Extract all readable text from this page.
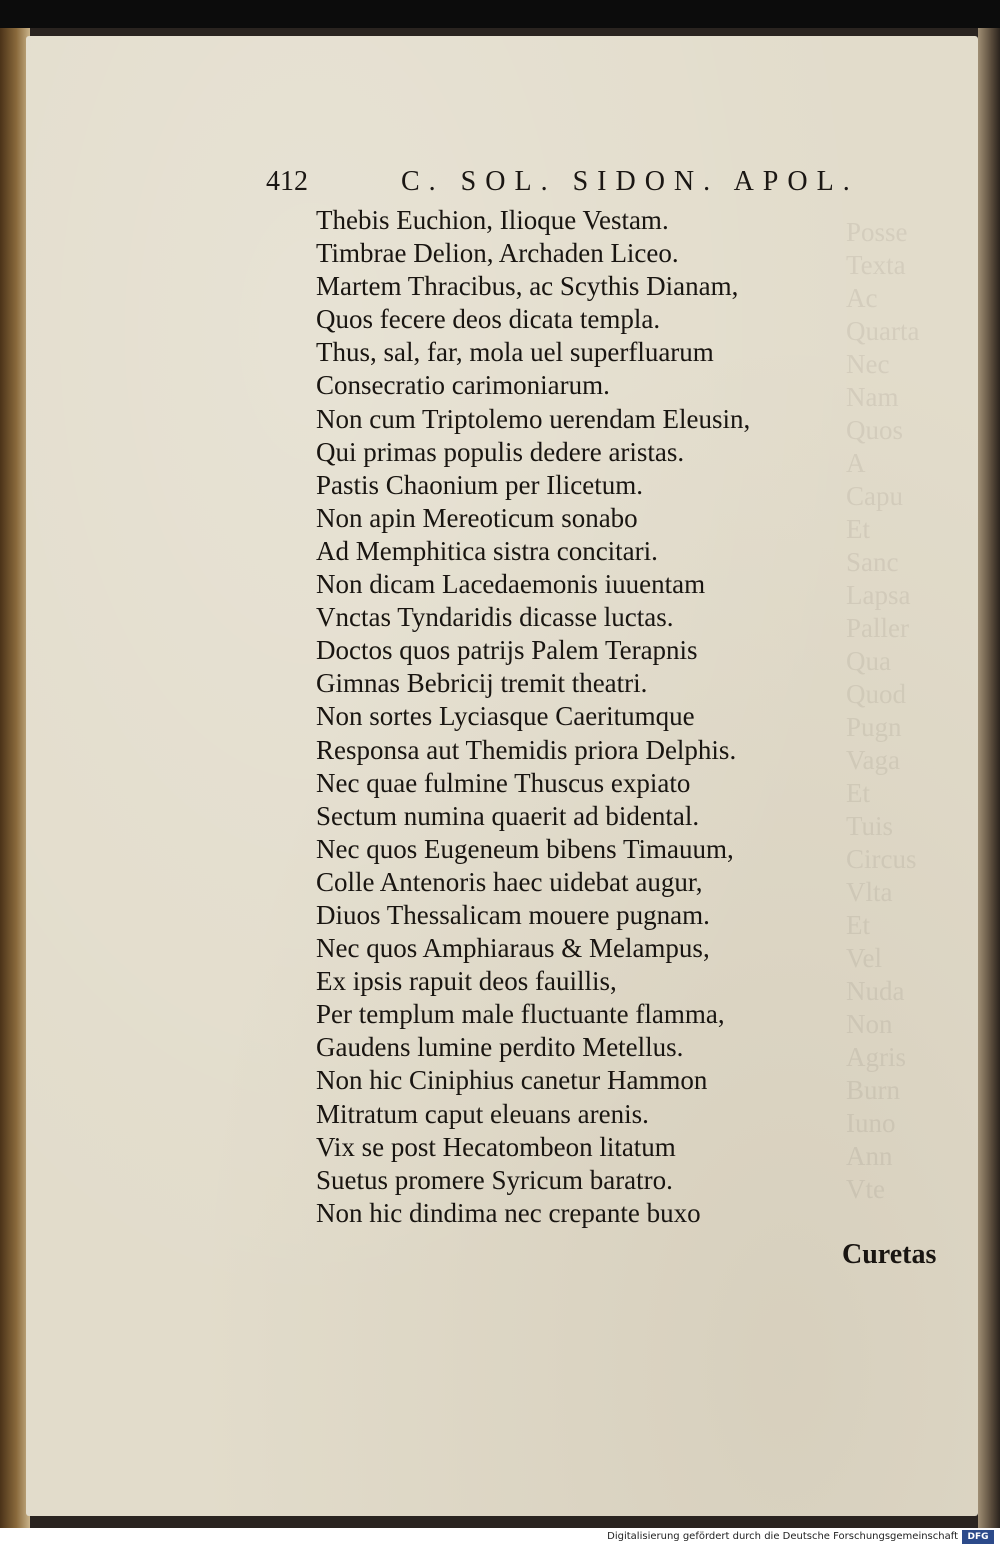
Posse
Texta
Ac
Quarta
Nec
Nam
Quos
A
Capu
Et
Sanc
Lapsa
Paller
Qua
Quod
Pugn
Vaga
Et
Tuis
Circus
Vlta
Et
Vel
Nuda
Non
Agris
Burn
Iuno
Ann
Vte
412	C. SOL. SIDON. APOL.
Thebis Euchion, Ilioque Vestam.
Timbrae Delion, Archaden Liceo.
Martem Thracibus, ac Scythis Dianam,
Quos fecere deos dicata templa.
Thus, sal, far, mola uel superfluarum
Consecratio carimoniarum.
Non cum Triptolemo uerendam Eleusin,
Qui primas populis dedere aristas.
Pastis Chaonium per Ilicetum.
Non apin Mereoticum sonabo
Ad Memphitica sistra concitari.
Non dicam Lacedaemonis iuuentam
Vnctas Tyndaridis dicasse luctas.
Doctos quos patrijs Palem Terapnis
Gimnas Bebricij tremit theatri.
Non sortes Lyciasque Caeritumque
Responsa aut Themidis priora Delphis.
Nec quae fulmine Thuscus expiato
Sectum numina quaerit ad bidental.
Nec quos Eugeneum bibens Timauum,
Colle Antenoris haec uidebat augur,
Diuos Thessalicam mouere pugnam.
Nec quos Amphiaraus & Melampus,
Ex ipsis rapuit deos fauillis,
Per templum male fluctuante flamma,
Gaudens lumine perdito Metellus.
Non hic Ciniphius canetur Hammon
Mitratum caput eleuans arenis.
Vix se post Hecatombeon litatum
Suetus promere Syricum baratro.
Non hic dindima nec crepante buxo
Curetas
Digitalisierung gefördert durch die Deutsche Forschungsgemeinschaft	DFG
